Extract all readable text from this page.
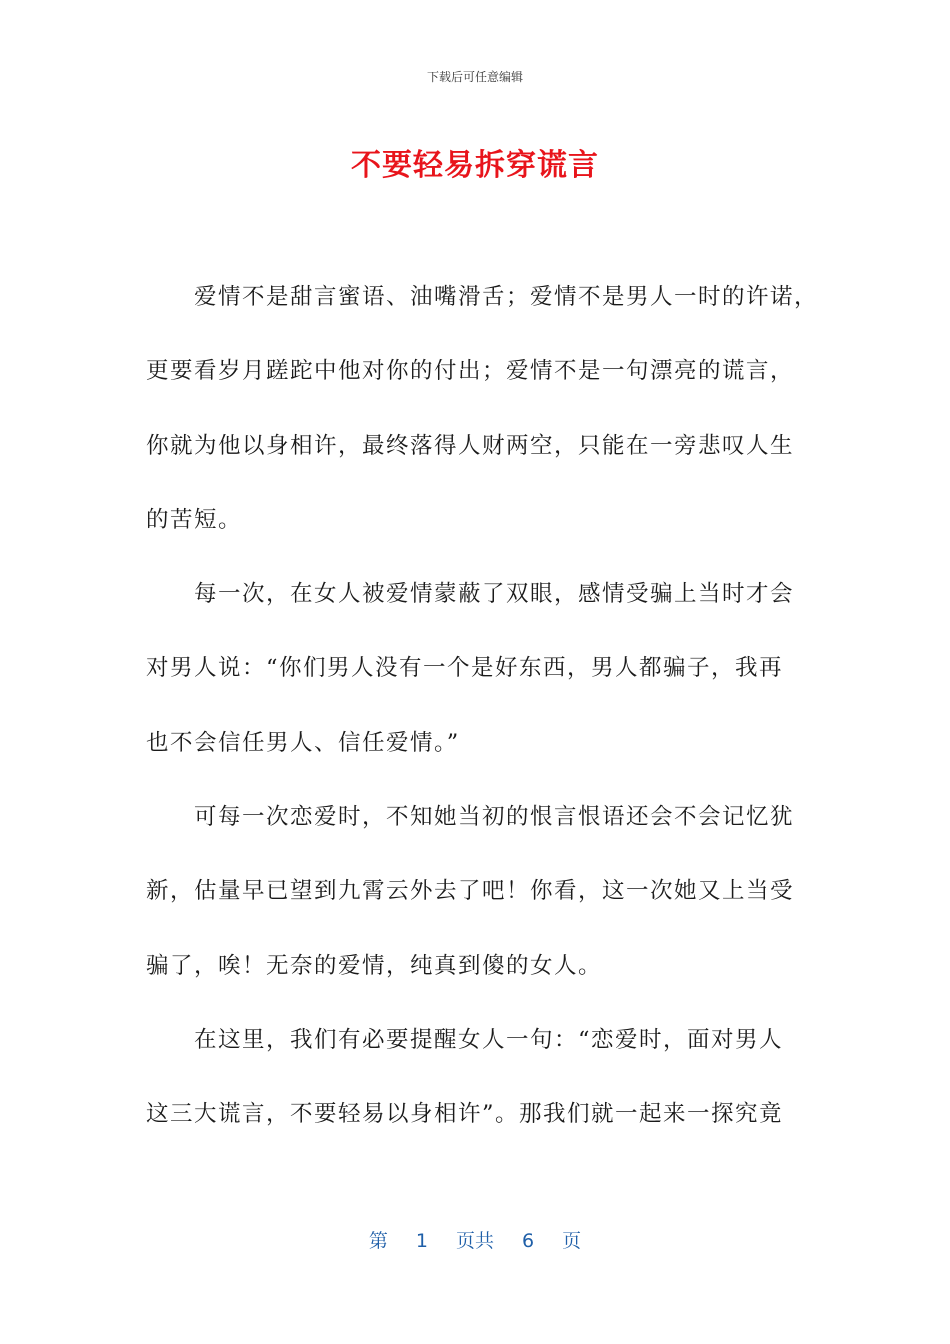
下载后可任意编辑
不要轻易拆穿谎言
爱情不是甜言蜜语、油嘴滑舌；爱情不是男人一时的许诺，
更要看岁月蹉跎中他对你的付出；爱情不是一句漂亮的谎言，
你就为他以身相许，最终落得人财两空，只能在一旁悲叹人生
的苦短。
每一次，在女人被爱情蒙蔽了双眼，感情受骗上当时才会
对男人说：“你们男人没有一个是好东西，男人都骗子，我再
也不会信任男人、信任爱情。”
可每一次恋爱时，不知她当初的恨言恨语还会不会记忆犹
新，估量早已望到九霄云外去了吧！你看，这一次她又上当受
骗了，唉！无奈的爱情，纯真到傻的女人。
在这里，我们有必要提醒女人一句：“恋爱时，面对男人
这三大谎言，不要轻易以身相许”。那我们就一起来一探究竟
第 1 页共 6 页
